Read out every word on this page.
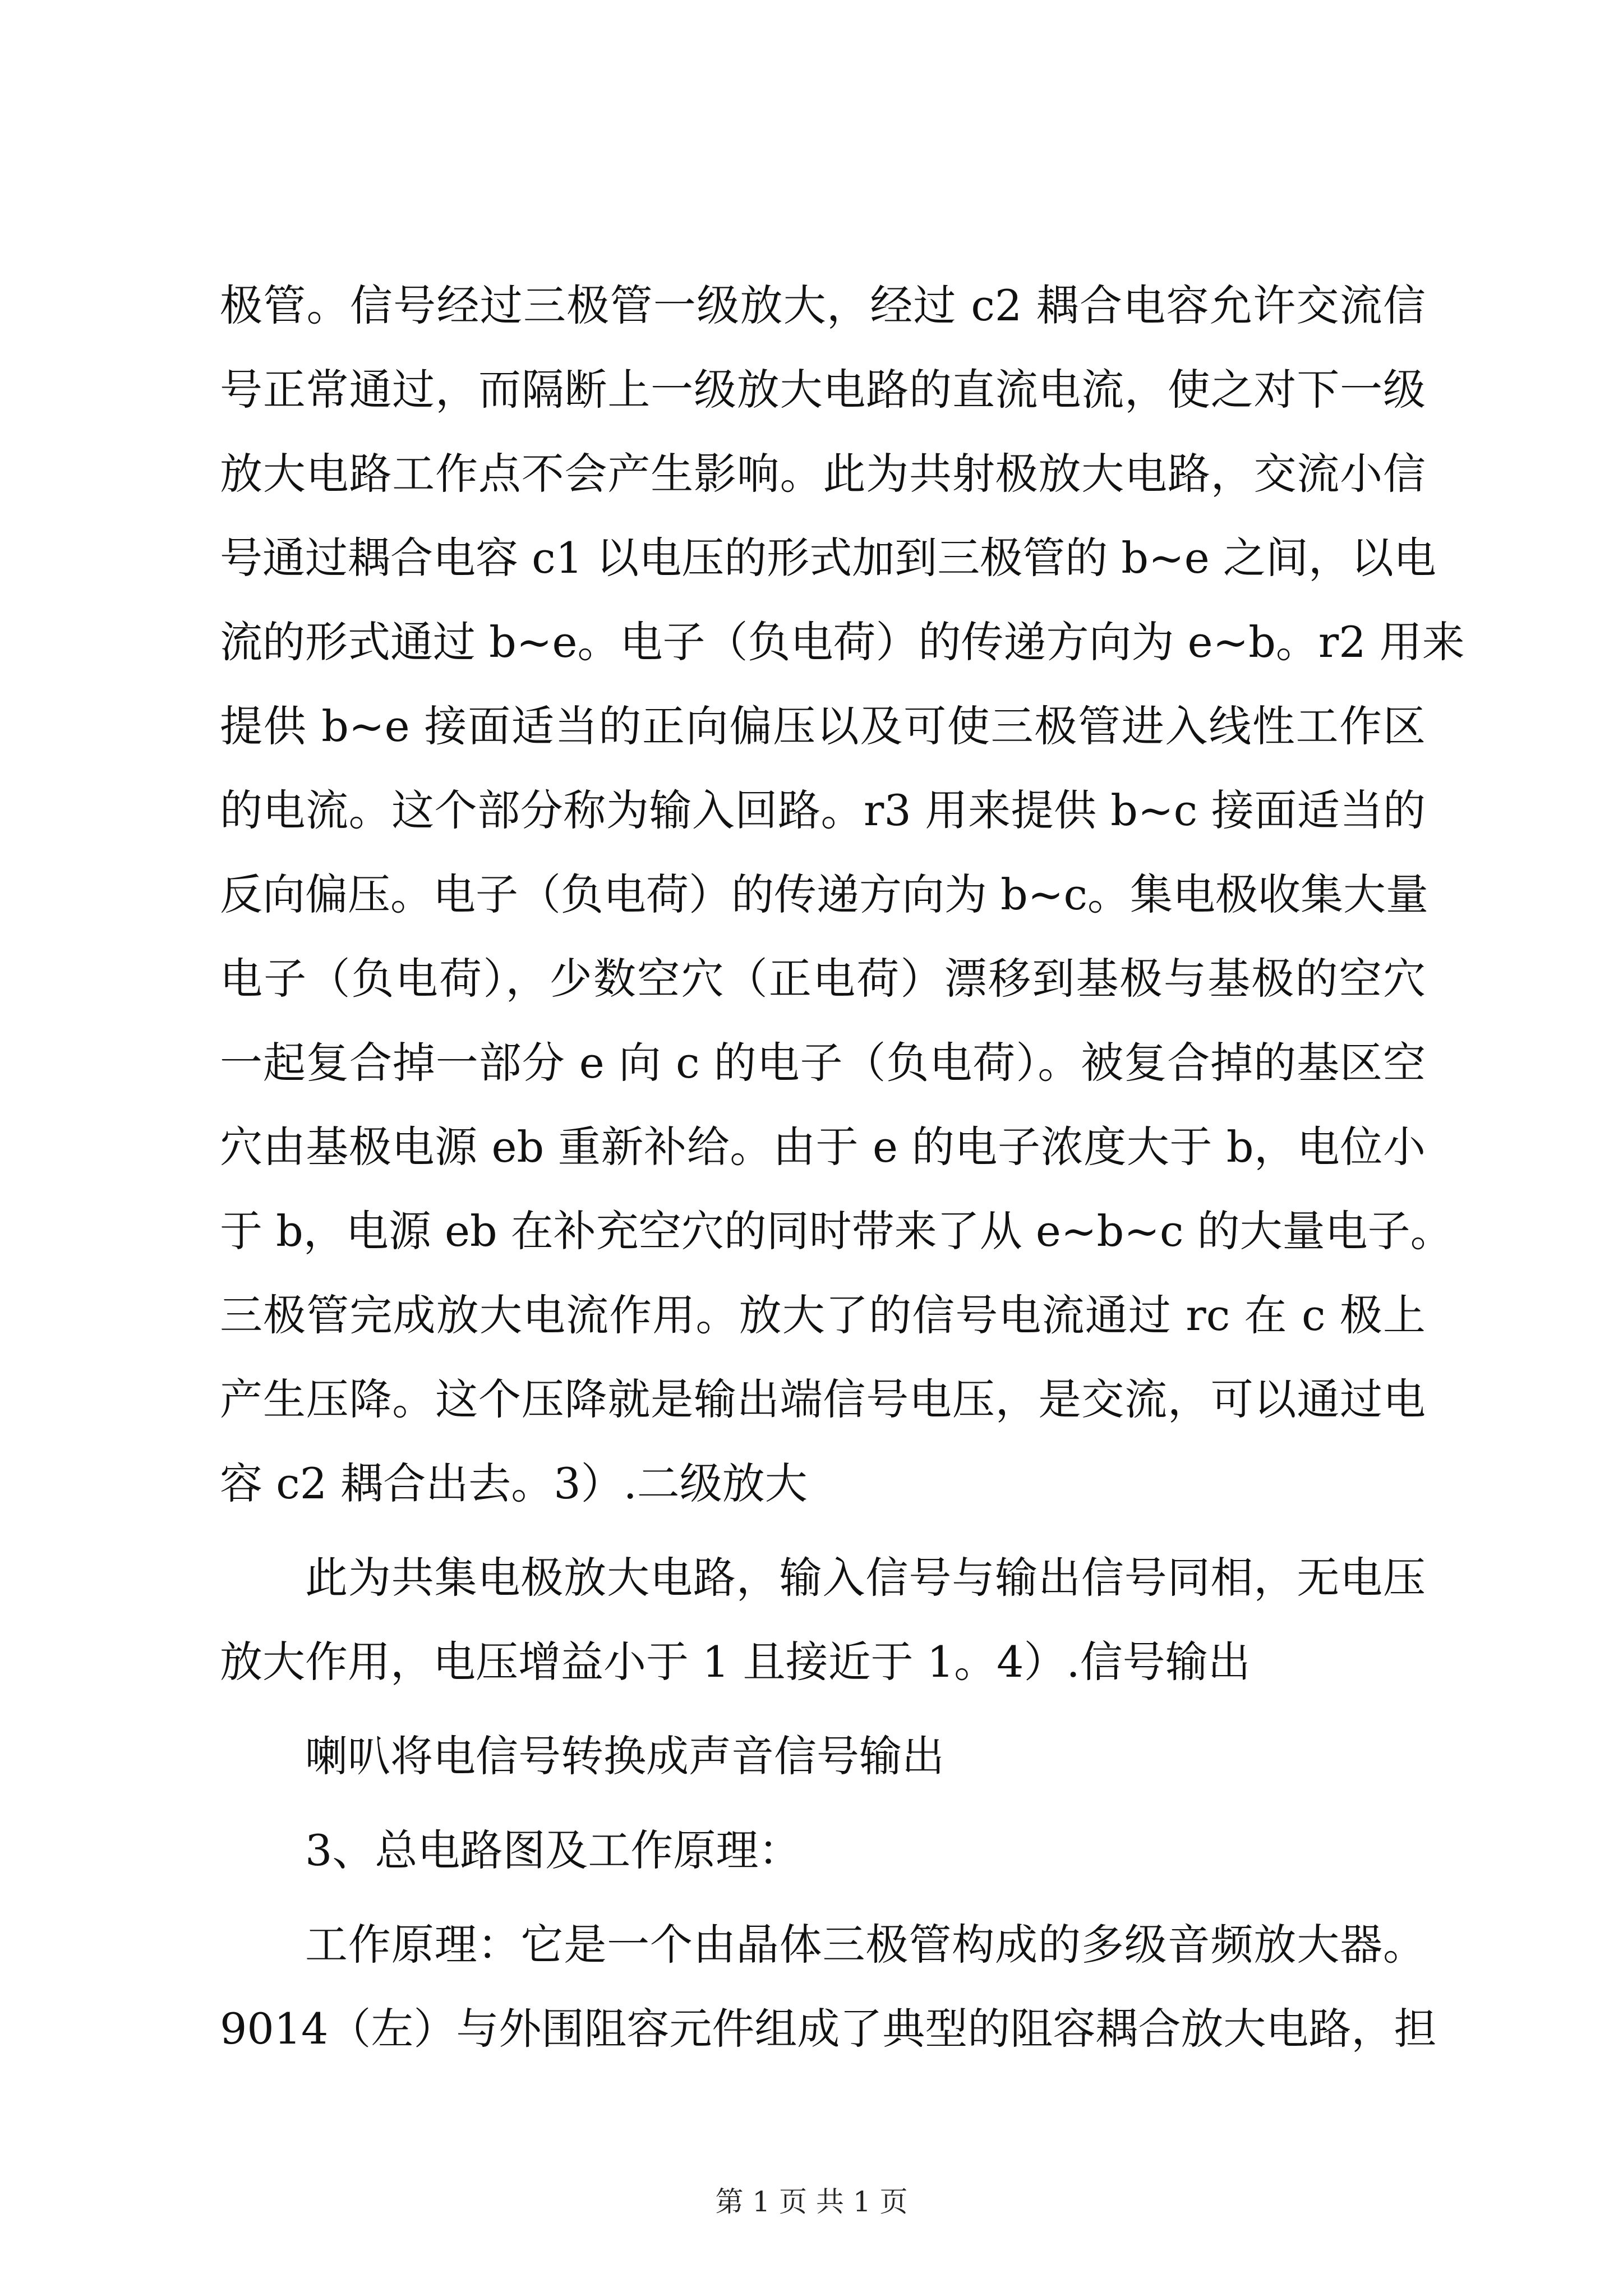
极管。信号经过三极管一级放大，经过 c2 耦合电容允许交流信
号正常通过，而隔断上一级放大电路的直流电流，使之对下一级
放大电路工作点不会产生影响。此为共射极放大电路，交流小信
号通过耦合电容 c1 以电压的形式加到三极管的 b~e 之间，以电
流的形式通过 b~e。电子（负电荷）的传递方向为 e~b。r2 用来
提供 b~e 接面适当的正向偏压以及可使三极管进入线性工作区
的电流。这个部分称为输入回路。r3 用来提供 b~c 接面适当的
反向偏压。电子（负电荷）的传递方向为 b~c。集电极收集大量
电子（负电荷），少数空穴（正电荷）漂移到基极与基极的空穴
一起复合掉一部分 e 向 c 的电子（负电荷）。被复合掉的基区空
穴由基极电源 eb 重新补给。由于 e 的电子浓度大于 b，电位小
于 b，电源 eb 在补充空穴的同时带来了从 e~b~c 的大量电子。
三极管完成放大电流作用。放大了的信号电流通过 rc 在 c 极上
产生压降。这个压降就是输出端信号电压，是交流，可以通过电
容 c2 耦合出去。3）.二级放大
此为共集电极放大电路，输入信号与输出信号同相，无电压
放大作用，电压增益小于 1 且接近于 1。4）.信号输出
喇叭将电信号转换成声音信号输出
3、总电路图及工作原理：
工作原理：它是一个由晶体三极管构成的多级音频放大器。
9014（左）与外围阻容元件组成了典型的阻容耦合放大电路，担
第 1 页 共 1 页
